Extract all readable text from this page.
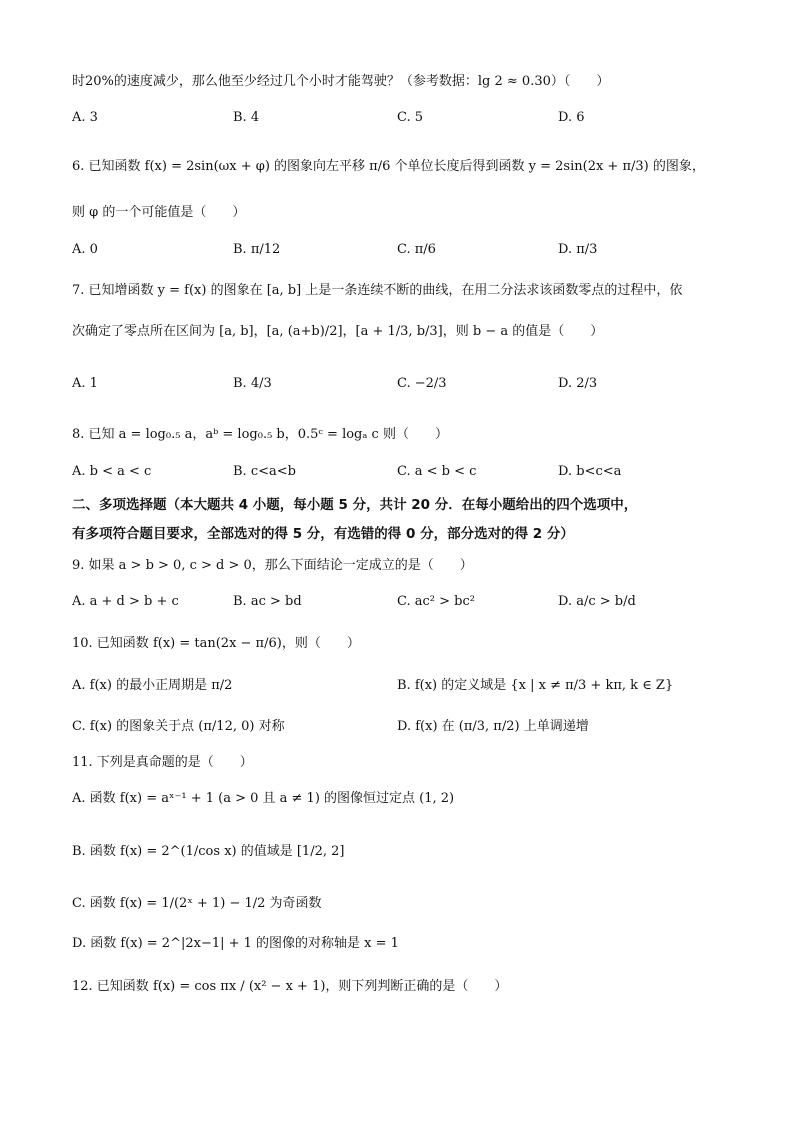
时20%的速度减少，那么他至少经过几个小时才能驾驶？（参考数据：lg 2 ≈ 0.30）（　　）
A. 3	B. 4	C. 5	D. 6
6. 已知函数 f(x) = 2sin(ωx + φ) 的图象向左平移 π/6 个单位长度后得到函数 y = 2sin(2x + π/3) 的图象，
则 φ 的一个可能值是（　　）
A. 0	B. π/12	C. π/6	D. π/3
7. 已知增函数 y = f(x) 的图象在 [a, b] 上是一条连续不断的曲线，在用二分法求该函数零点的过程中，依
次确定了零点所在区间为 [a, b]，[a, (a+b)/2]，[a + 1/3, b/3]，则 b − a 的值是（　　）
A. 1	B. 4/3	C. −2/3	D. 2/3
8. 已知 a = log₀.₅ a，aᵇ = log₀.₅ b，0.5ᶜ = logₐ c 则（　　）
A. b < a < c	B. c<a<b	C. a < b < c	D. b<c<a
二、多项选择题（本大题共 4 小题，每小题 5 分，共计 20 分．在每小题给出的四个选项中，
有多项符合题目要求，全部选对的得 5 分，有选错的得 0 分，部分选对的得 2 分）
9. 如果 a > b > 0, c > d > 0，那么下面结论一定成立的是（　　）
A. a + d > b + c	B. ac > bd	C. ac² > bc²	D. a/c > b/d
10. 已知函数 f(x) = tan(2x − π/6)，则（　　）
A. f(x) 的最小正周期是 π/2	B. f(x) 的定义域是 {x | x ≠ π/3 + kπ, k ∈ Z}
C. f(x) 的图象关于点 (π/12, 0) 对称	D. f(x) 在 (π/3, π/2) 上单调递增
11. 下列是真命题的是（　　）
A. 函数 f(x) = aˣ⁻¹ + 1 (a > 0 且 a ≠ 1) 的图像恒过定点 (1, 2)
B. 函数 f(x) = 2^(1/cos x) 的值域是 [1/2, 2]
C. 函数 f(x) = 1/(2ˣ + 1) − 1/2 为奇函数
D. 函数 f(x) = 2^|2x−1| + 1 的图像的对称轴是 x = 1
12. 已知函数 f(x) = cos πx / (x² − x + 1)，则下列判断正确的是（　　）
